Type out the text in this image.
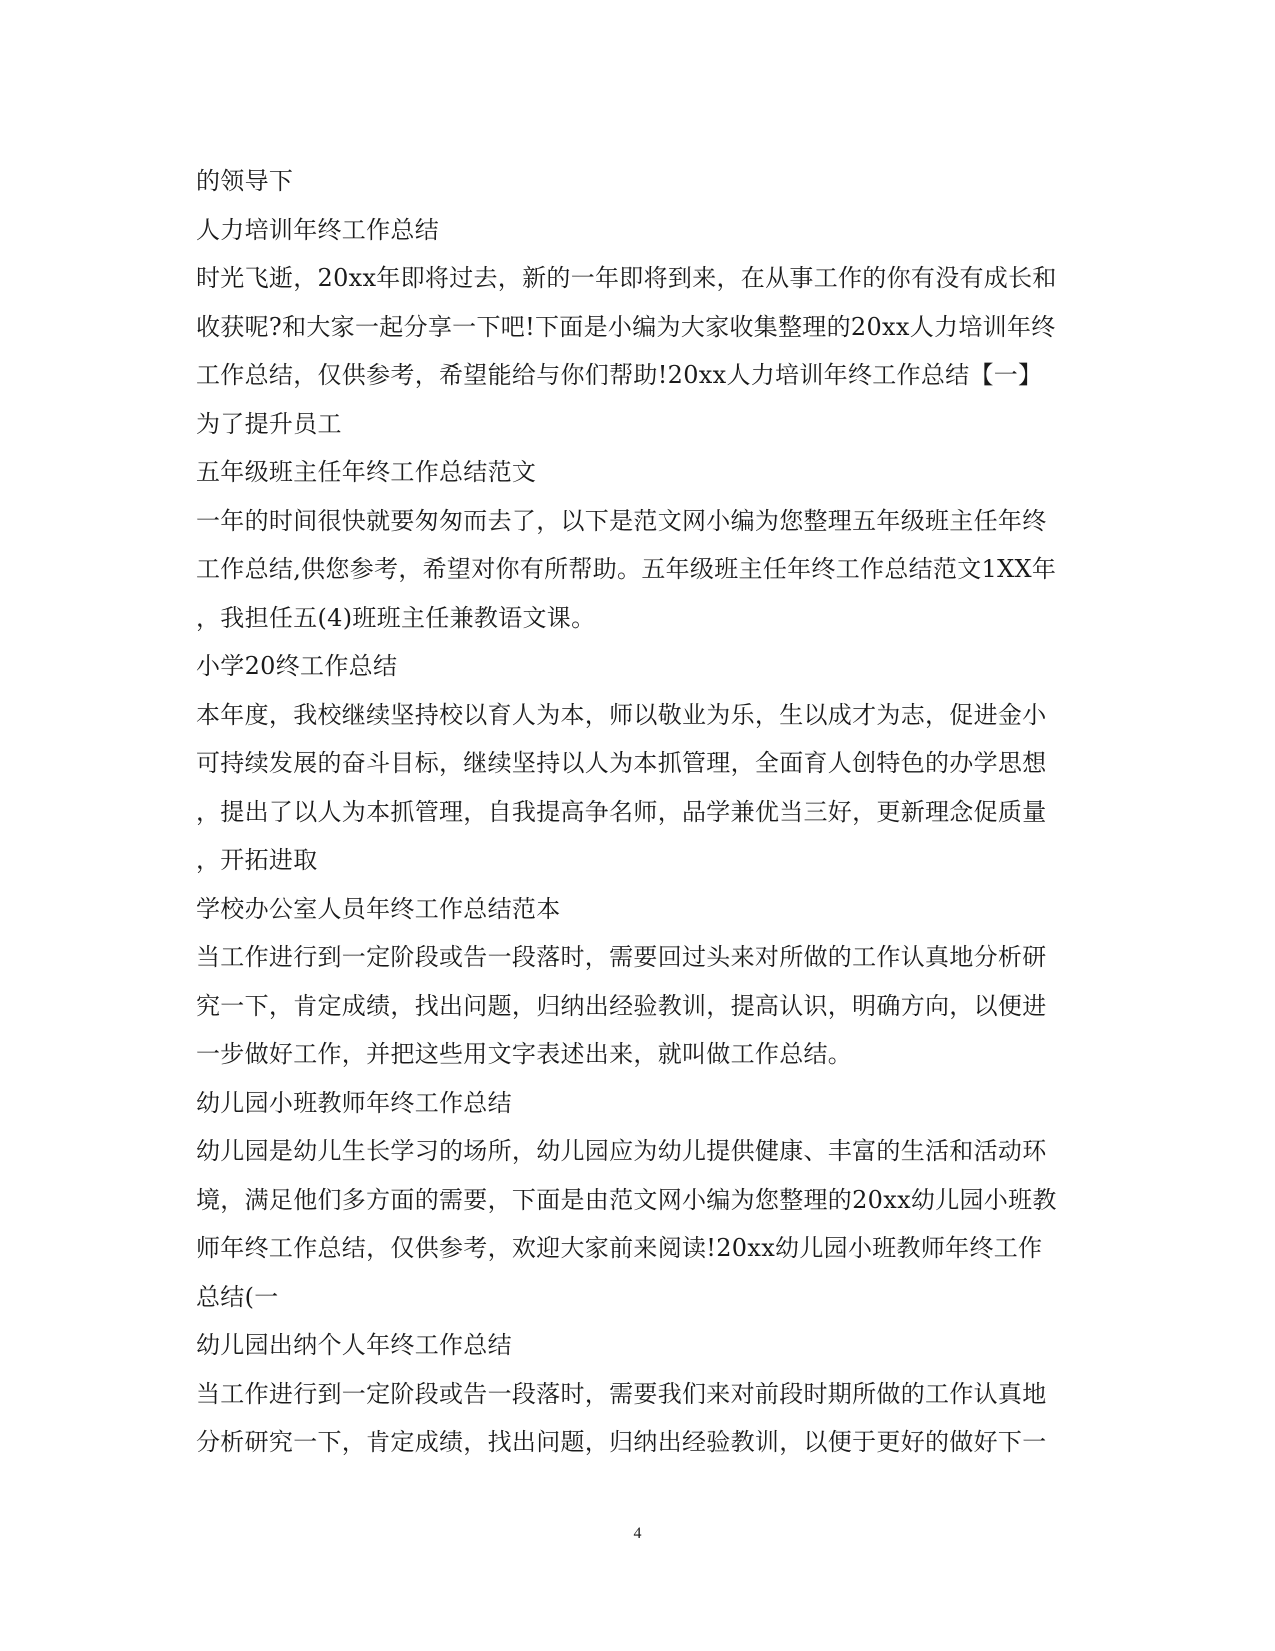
的领导下
人力培训年终工作总结
时光飞逝，20xx年即将过去，新的一年即将到来，在从事工作的你有没有成长和
收获呢?和大家一起分享一下吧!下面是小编为大家收集整理的20xx人力培训年终
工作总结，仅供参考，希望能给与你们帮助!20xx人力培训年终工作总结【一】
为了提升员工
五年级班主任年终工作总结范文
一年的时间很快就要匆匆而去了，以下是范文网小编为您整理五年级班主任年终
工作总结,供您参考，希望对你有所帮助。五年级班主任年终工作总结范文1XX年
，我担任五(4)班班主任兼教语文课。
小学20终工作总结
本年度，我校继续坚持校以育人为本，师以敬业为乐，生以成才为志，促进金小
可持续发展的奋斗目标，继续坚持以人为本抓管理，全面育人创特色的办学思想
，提出了以人为本抓管理，自我提高争名师，品学兼优当三好，更新理念促质量
，开拓进取
学校办公室人员年终工作总结范本
当工作进行到一定阶段或告一段落时，需要回过头来对所做的工作认真地分析研
究一下，肯定成绩，找出问题，归纳出经验教训，提高认识，明确方向，以便进
一步做好工作，并把这些用文字表述出来，就叫做工作总结。
幼儿园小班教师年终工作总结
幼儿园是幼儿生长学习的场所，幼儿园应为幼儿提供健康、丰富的生活和活动环
境，满足他们多方面的需要，下面是由范文网小编为您整理的20xx幼儿园小班教
师年终工作总结，仅供参考，欢迎大家前来阅读!20xx幼儿园小班教师年终工作
总结(一
幼儿园出纳个人年终工作总结
当工作进行到一定阶段或告一段落时，需要我们来对前段时期所做的工作认真地
分析研究一下，肯定成绩，找出问题，归纳出经验教训，以便于更好的做好下一
4
